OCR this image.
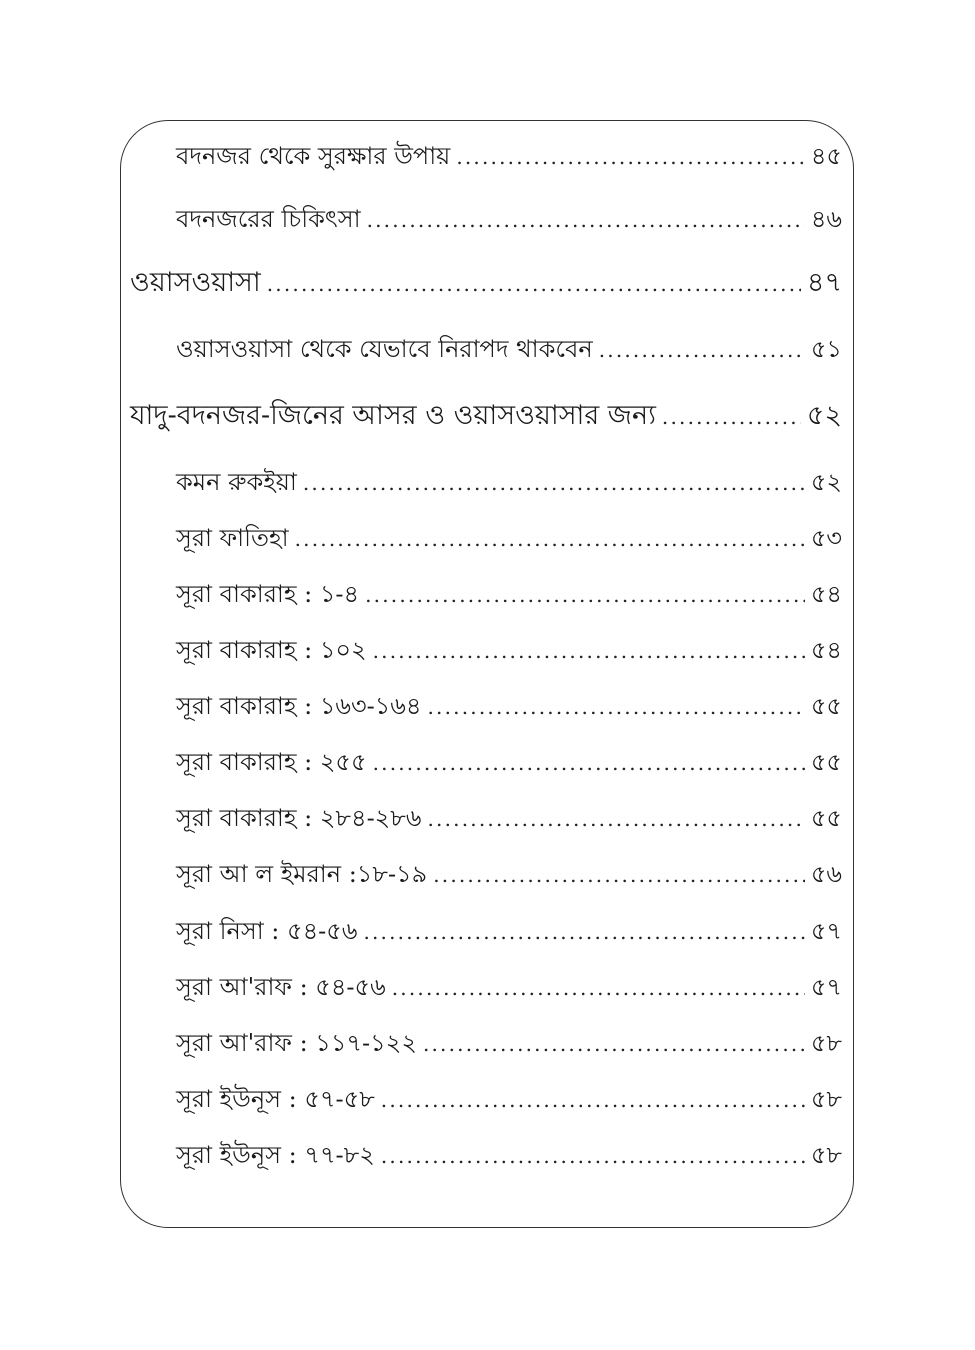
বদনজর থেকে সুরক্ষার উপায় .....	৪৫
বদনজরের চিকিৎসা .....	৪৬
ওয়াসওয়াসা .....	৪৭
ওয়াসওয়াসা থেকে যেভাবে নিরাপদ থাকবেন .....	৫১
যাদু-বদনজর-জিনের আসর ও ওয়াসওয়াসার জন্য .....	৫২
কমন রুকইয়া .....	৫২
সূরা ফাতিহা .....	৫৩
সূরা বাকারাহ : ১-৪ .....	৫৪
সূরা বাকারাহ : ১০২ .....	৫৪
সূরা বাকারাহ : ১৬৩-১৬৪ .....	৫৫
সূরা বাকারাহ : ২৫৫ .....	৫৫
সূরা বাকারাহ : ২৮৪-২৮৬ .....	৫৫
সূরা আ ল ইমরান :১৮-১৯ .....	৫৬
সূরা নিসা : ৫৪-৫৬ .....	৫৭
সূরা আ'রাফ : ৫৪-৫৬ .....	৫৭
সূরা আ'রাফ : ১১৭-১২২ .....	৫৮
সূরা ইউনূস : ৫৭-৫৮ .....	৫৮
সূরা ইউনূস : ৭৭-৮২ .....	৫৮
